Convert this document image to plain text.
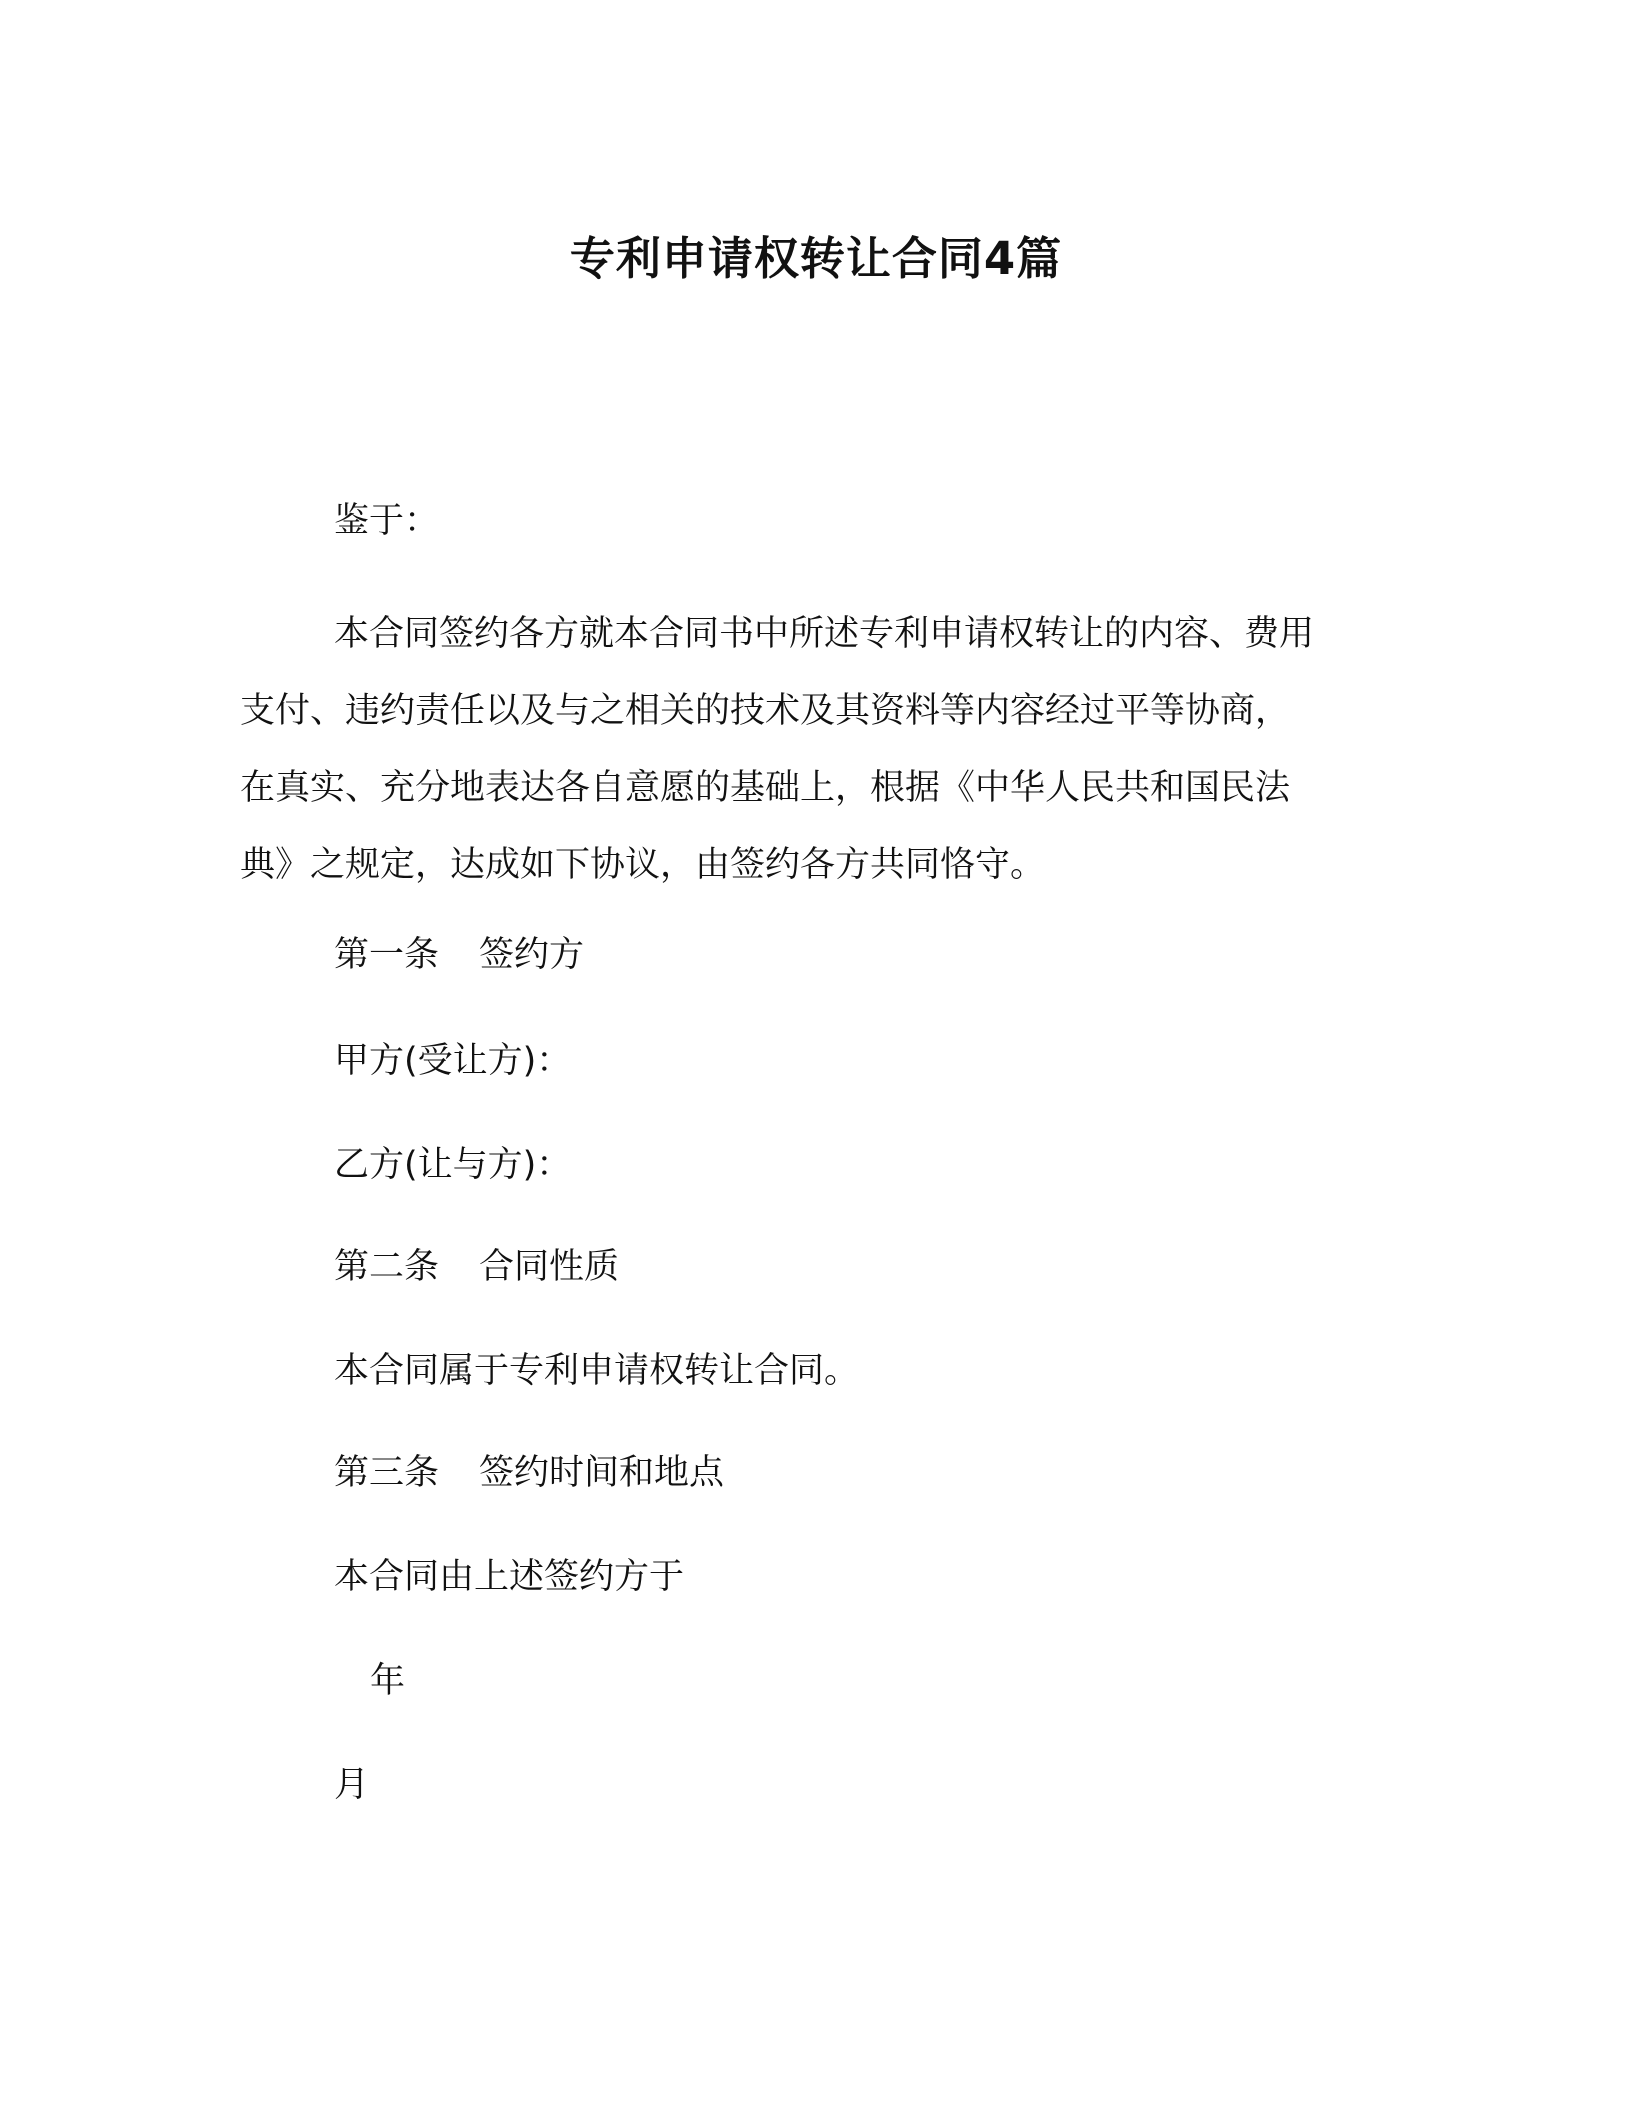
专利申请权转让合同4篇
鉴于：
本合同签约各方就本合同书中所述专利申请权转让的内容、费用
支付、违约责任以及与之相关的技术及其资料等内容经过平等协商，
在真实、充分地表达各自意愿的基础上，根据《中华人民共和国民法
典》之规定，达成如下协议，由签约各方共同恪守。
第一条 签约方
甲方(受让方)：
乙方(让与方)：
第二条 合同性质
本合同属于专利申请权转让合同。
第三条 签约时间和地点
本合同由上述签约方于
年
月
